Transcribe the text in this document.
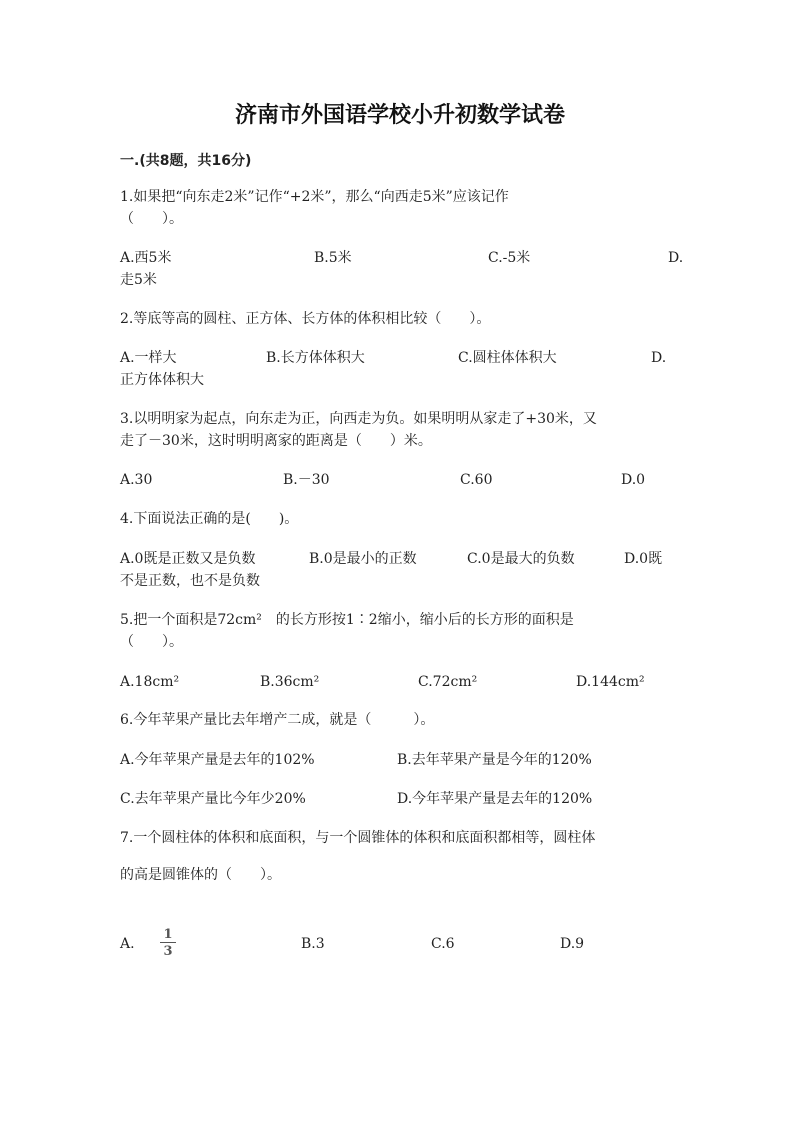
济南市外国语学校小升初数学试卷
一.(共8题，共16分)
1.如果把“向东走2米”记作“+2米”，那么“向西走5米”应该记作
（　　）。
A.西5米	B.5米	C.-5米	D.
走5米
2.等底等高的圆柱、正方体、长方体的体积相比较（　　）。
A.一样大	B.长方体体积大	C.圆柱体体积大	D.
正方体体积大
3.以明明家为起点，向东走为正，向西走为负。如果明明从家走了+30米，又
走了－30米，这时明明离家的距离是（　　）米。
A.30	B.－30	C.60	D.0
4.下面说法正确的是(　　)。
A.0既是正数又是负数	B.0是最小的正数	C.0是最大的负数	D.0既
不是正数，也不是负数
5.把一个面积是72cm²　的长方形按1∶2缩小，缩小后的长方形的面积是
（　　）。
A.18cm²	B.36cm²	C.72cm²	D.144cm²
6.今年苹果产量比去年增产二成，就是（　　　）。
A.今年苹果产量是去年的102%	B.去年苹果产量是今年的120%
C.去年苹果产量比今年少20%	D.今年苹果产量是去年的120%
7.一个圆柱体的体积和底面积，与一个圆锥体的体积和底面积都相等，圆柱体
的高是圆锥体的（　　）。
A.
1
3	B.3	C.6	D.9
